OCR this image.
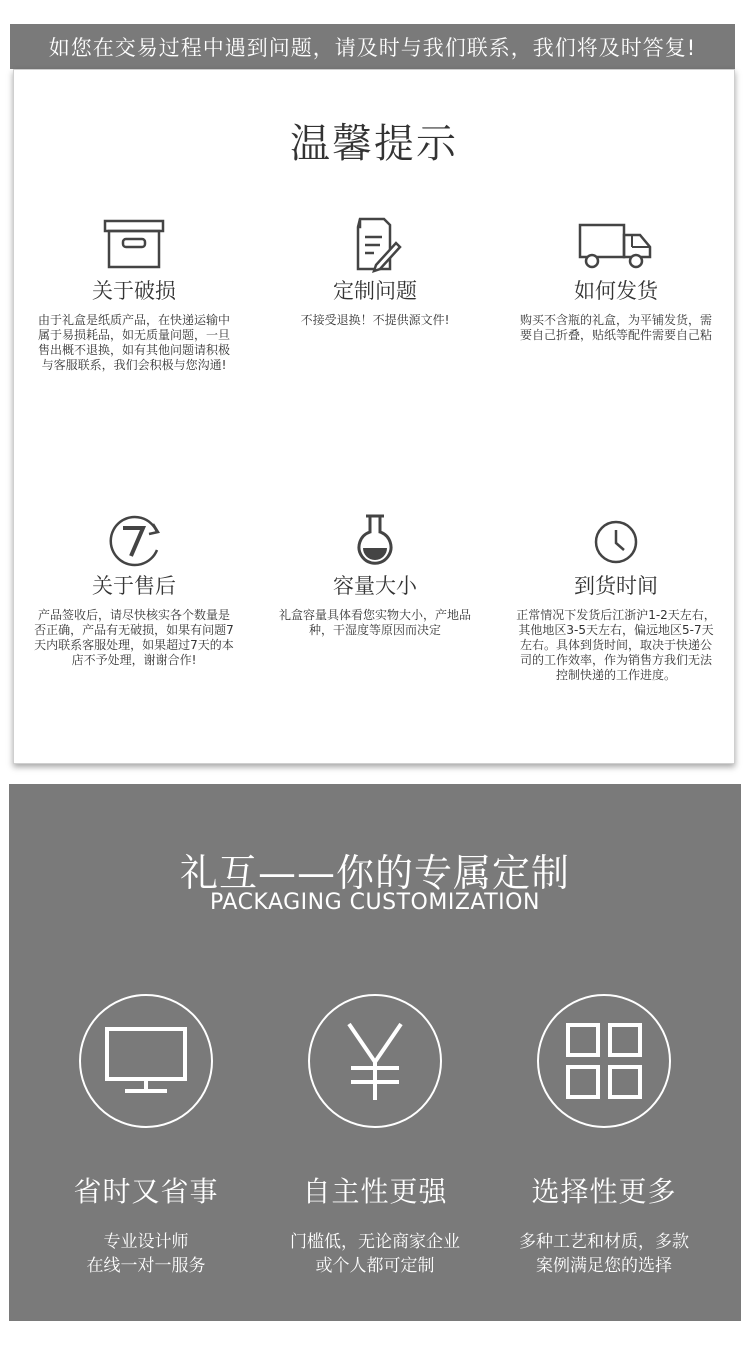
如您在交易过程中遇到问题，请及时与我们联系，我们将及时答复!
温馨提示
关于破损
由于礼盒是纸质产品，在快递运输中属于易损耗品，如无质量问题，一旦售出概不退换，如有其他问题请积极与客服联系，我们会积极与您沟通!
定制问题
不接受退换！不提供源文件!
如何发货
购买不含瓶的礼盒，为平铺发货，需要自己折叠，贴纸等配件需要自己粘
关于售后
产品签收后，请尽快核实各个数量是否正确，产品有无破损，如果有问题7天内联系客服处理，如果超过7天的本店不予处理，谢谢合作!
容量大小
礼盒容量具体看您实物大小，产地品种，干湿度等原因而决定
到货时间
正常情况下发货后江浙沪1-2天左右，其他地区3-5天左右，偏远地区5-7天左右。具体到货时间，取决于快递公司的工作效率，作为销售方我们无法控制快递的工作进度。
礼互——你的专属定制
PACKAGING CUSTOMIZATION
省时又省事
专业设计师
在线一对一服务
自主性更强
门槛低，无论商家企业
或个人都可定制
选择性更多
多种工艺和材质，多款
案例满足您的选择
